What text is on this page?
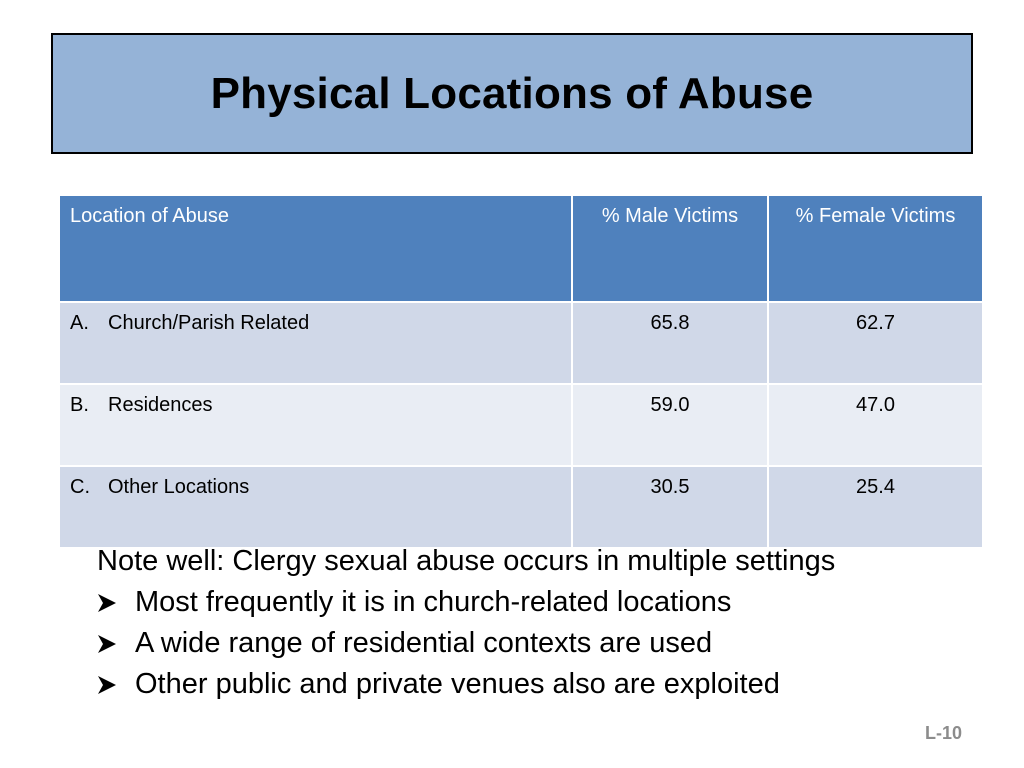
Physical Locations of Abuse
Location of Abuse	% Male Victims	% Female Victims
A. Church/Parish Related	65.8	62.7
B. Residences	59.0	47.0
C. Other Locations	30.5	25.4
Note well: Clergy sexual abuse occurs in multiple settings
Most frequently it is in church-related locations
A wide range of residential contexts are used
Other public and private venues also are exploited
L-10
